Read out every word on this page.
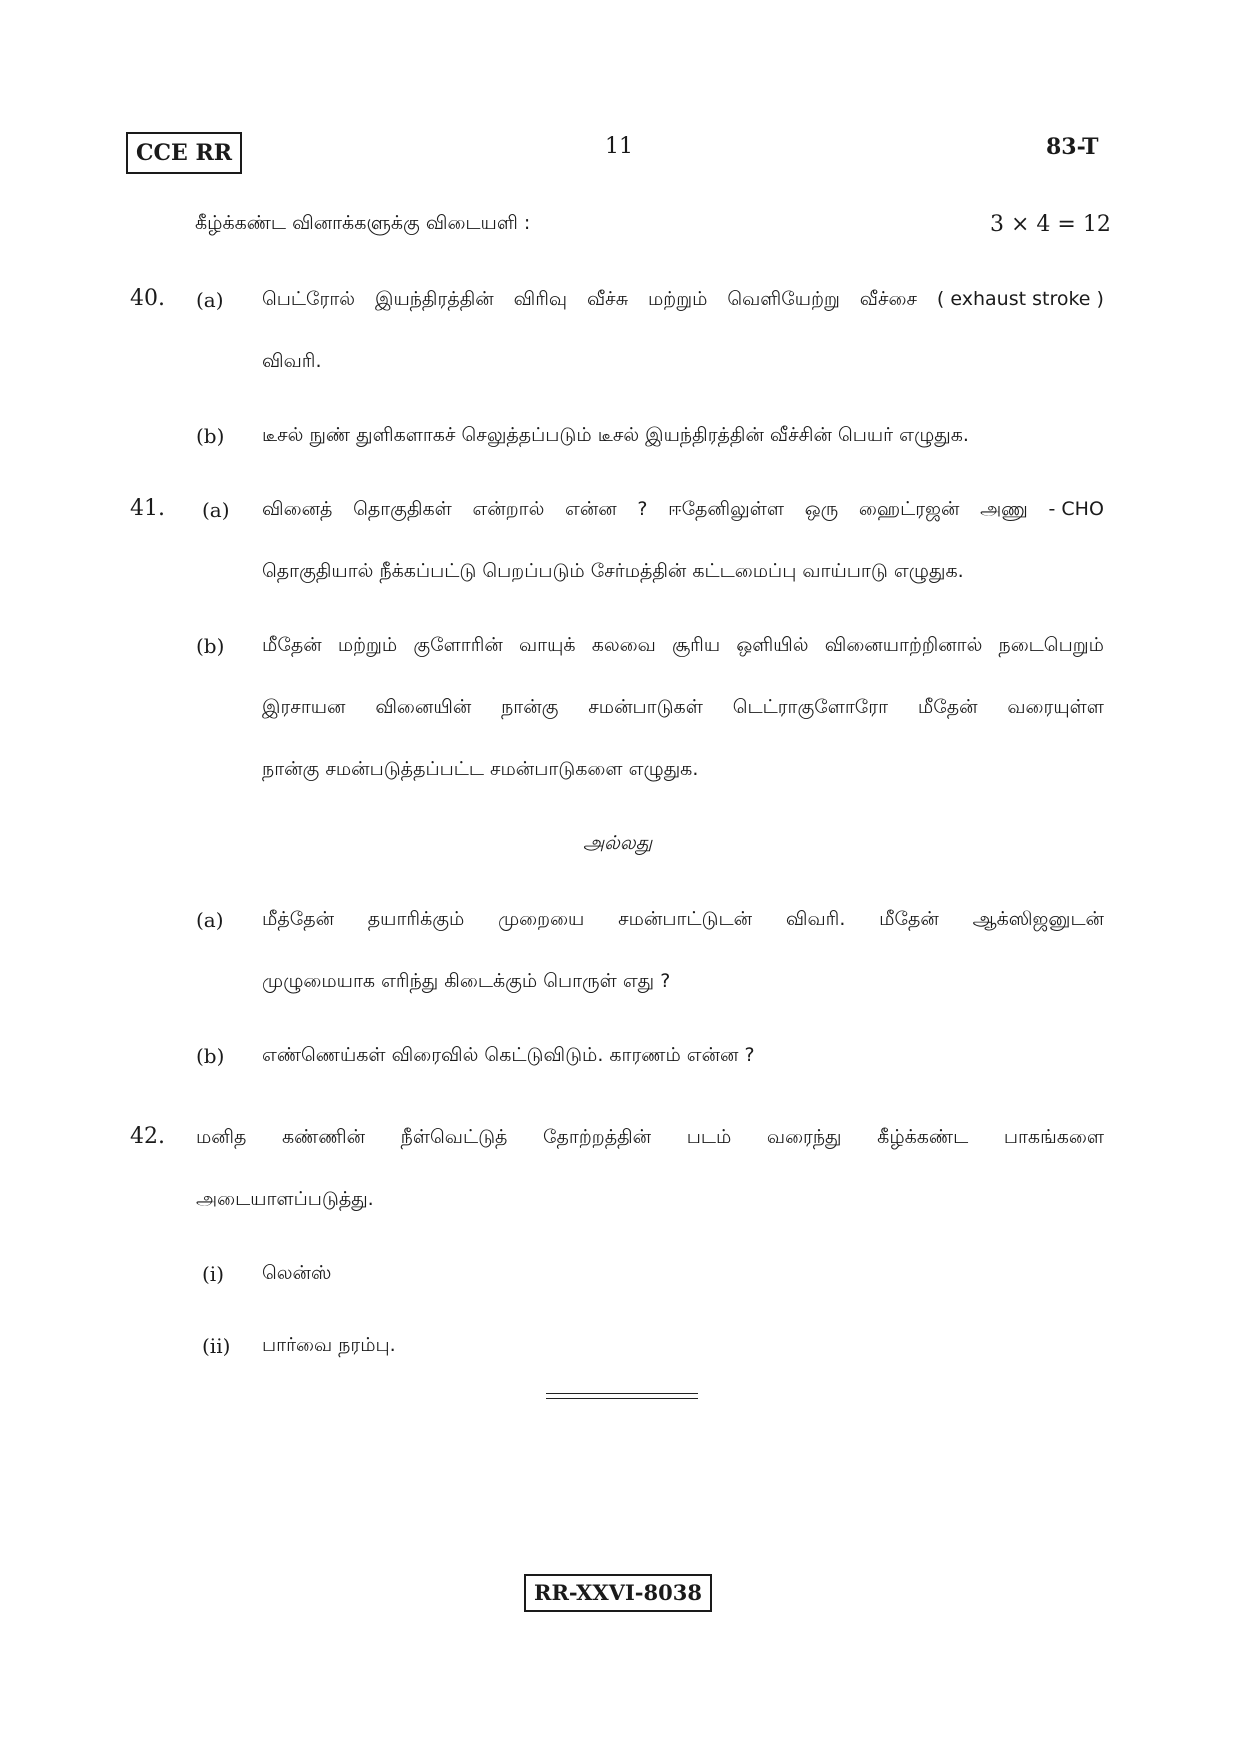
CCE RR	11	83-T
கீழ்க்கண்ட வினாக்களுக்கு விடையளி :	3 × 4 = 12
40. (a) பெட்ரோல் இயந்திரத்தின் விரிவு வீச்சு மற்றும் வெளியேற்று வீச்சை ( exhaust stroke )
விவரி.
(b) டீசல் நுண் துளிகளாகச் செலுத்தப்படும் டீசல் இயந்திரத்தின் வீச்சின் பெயர் எழுதுக.
41. (a) வினைத் தொகுதிகள் என்றால் என்ன ? ஈதேனிலுள்ள ஒரு ஹைட்ரஜன் அணு - CHO
தொகுதியால் நீக்கப்பட்டு பெறப்படும் சேர்மத்தின் கட்டமைப்பு வாய்பாடு எழுதுக.
(b) மீதேன் மற்றும் குளோரின் வாயுக் கலவை சூரிய ஒளியில் வினையாற்றினால் நடைபெறும்
இரசாயன வினையின் நான்கு சமன்பாடுகள் டெட்ராகுளோரோ மீதேன் வரையுள்ள
நான்கு சமன்படுத்தப்பட்ட சமன்பாடுகளை எழுதுக.
அல்லது
(a) மீத்தேன் தயாரிக்கும் முறையை சமன்பாட்டுடன் விவரி. மீதேன் ஆக்ஸிஜனுடன்
முழுமையாக எரிந்து கிடைக்கும் பொருள் எது ?
(b) எண்ணெய்கள் விரைவில் கெட்டுவிடும். காரணம் என்ன ?
42. மனித கண்ணின் நீள்வெட்டுத் தோற்றத்தின் படம் வரைந்து கீழ்க்கண்ட பாகங்களை
அடையாளப்படுத்து.
(i) லென்ஸ்
(ii) பார்வை நரம்பு.
RR-XXVI-8038
